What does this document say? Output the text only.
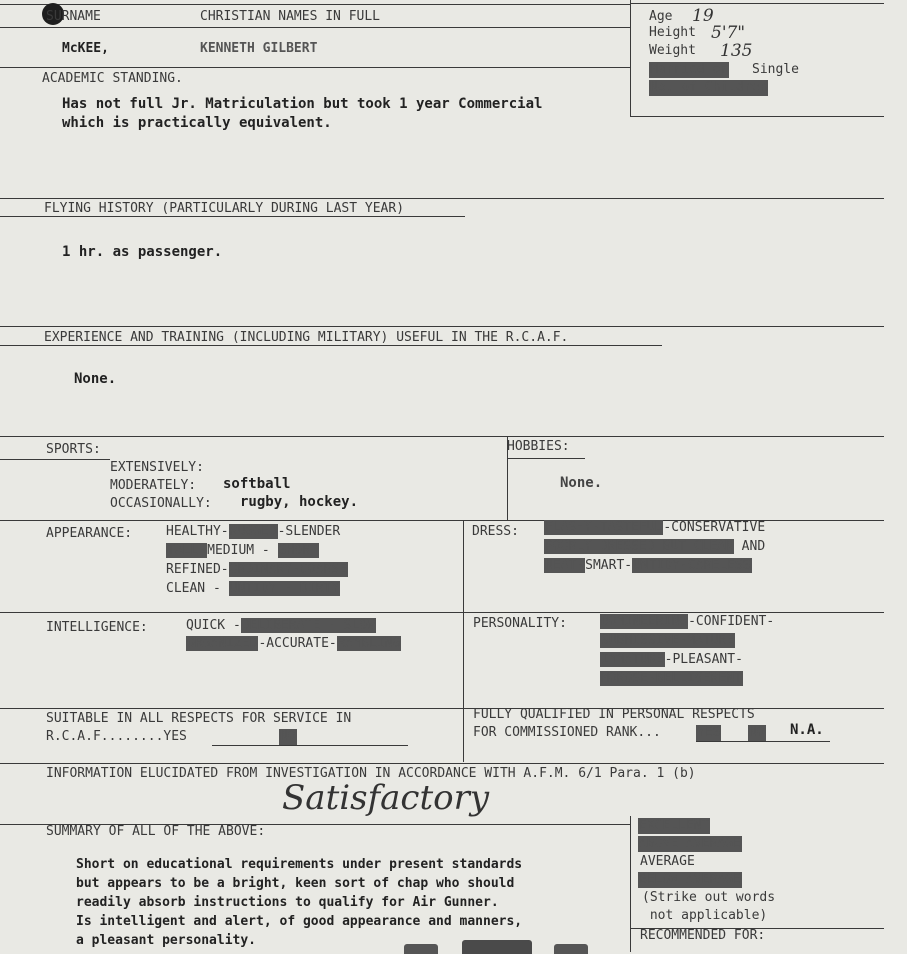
SURNAME	CHRISTIAN NAMES IN FULL
McKEE,	KENNETH GILBERT
Age 19
Height 5'7"
Weight 135
Married or Single
No. of Children
ACADEMIC STANDING.
Has not full Jr. Matriculation but took 1 year Commercial
which is practically equivalent.
FLYING HISTORY (PARTICULARLY DURING LAST YEAR)
1 hr. as passenger.
EXPERIENCE AND TRAINING (INCLUDING MILITARY) USEFUL IN THE R.C.A.F.
None.
SPORTS:
EXTENSIVELY:
MODERATELY: softball
OCCASIONALLY: rugby, hockey.
HOBBIES:
None.
APPEARANCE:	HEALTHY-RUGGED-SLENDER
TALL-MEDIUM - SHORT
REFINED-ORDINARY-COARSE
CLEAN - UNTIDY - DIRTY
DRESS: FLASHY-TASTEFUL-CONSERVATIVE
POORLY DRESSED BUT CLEAN AND
NEAT-SMART-UNTIDY-CARELESS
INTELLIGENCE:	QUICK -DELIBERATE - SLOW
ORGANIZED-ACCURATE-RAMBLING
PERSONALITY:	DOMINEERING-CONFIDENT-
SUBMISSIVE-MATURE
IMMATURE-PLEASANT-
MOROSE-BELLIGERENT
SUITABLE IN ALL RESPECTS FOR SERVICE IN
R.C.A.F........YES	NO
FULLY QUALIFIED IN PERSONAL RESPECTS
FOR COMMISSIONED RANK...	YES NO N.A.
INFORMATION ELUCIDATED FROM INVESTIGATION IN ACCORDANCE WITH A.F.M. 6/1 Para. 1 (b)
Satisfactory
SUMMARY OF ALL OF THE ABOVE:
Short on educational requirements under present standards
but appears to be a bright, keen sort of chap who should
readily absorb instructions to qualify for Air Gunner.
Is intelligent and alert, of good appearance and manners,
a pleasant personality.
EXCELLENT
ABOVE AVERAGE
AVERAGE
BELOW AVERAGE
(Strike out words
not applicable)
RECOMMENDED FOR:
